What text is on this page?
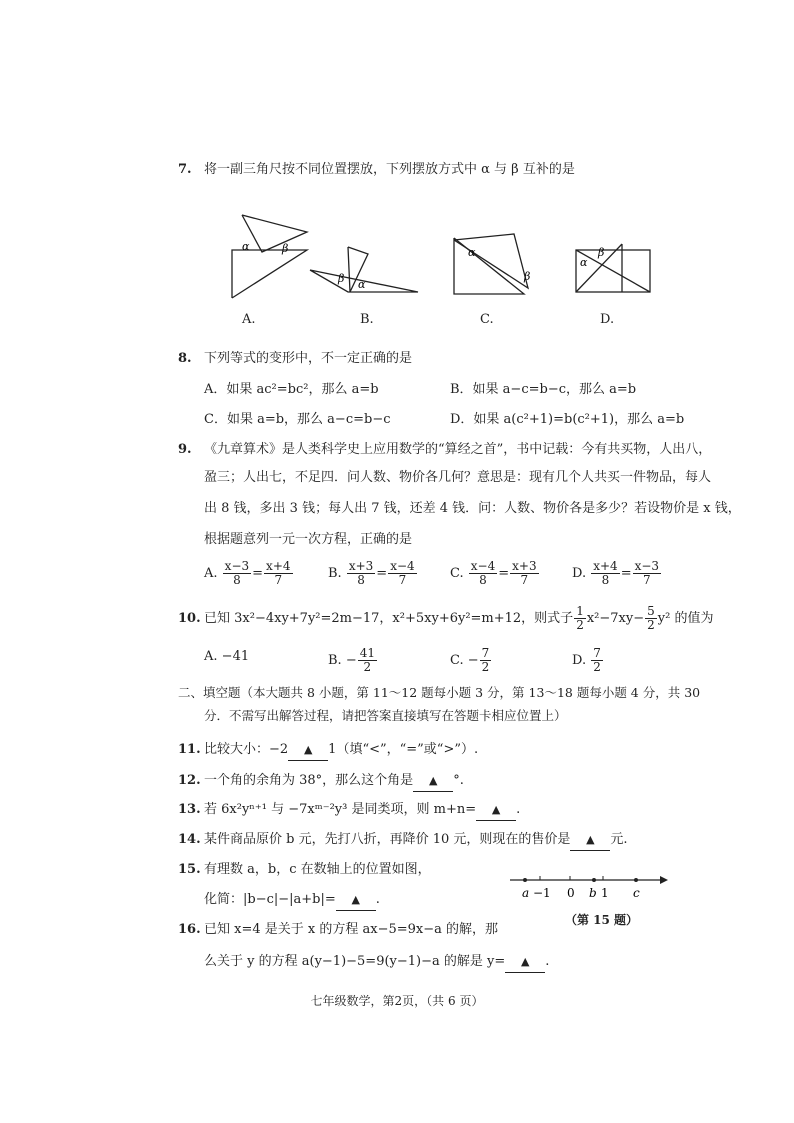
7. 将一副三角尺按不同位置摆放，下列摆放方式中 α 与 β 互补的是
α	β
β α
α
β
β
α
A.	B.	C.	D.
8. 下列等式的变形中，不一定正确的是
A．如果 ac²=bc²，那么 a=b	B．如果 a−c=b−c，那么 a=b
C．如果 a=b，那么 a−c=b−c	D．如果 a(c²+1)=b(c²+1)，那么 a=b
9. 《九章算术》是人类科学史上应用数学的“算经之首”，书中记载：今有共买物，人出八，
盈三；人出七，不足四．问人数、物价各几何？意思是：现有几个人共买一件物品，每人
出 8 钱，多出 3 钱；每人出 7 钱，还差 4 钱．问：人数、物价各是多少？若设物价是 x 钱，
根据题意列一元一次方程，正确的是
A. $\frac{x-3}{8} = \frac{x+4}{7}$	B. $\frac{x+3}{8} = \frac{x-4}{7}$	C. $\frac{x-4}{8} = \frac{x+3}{7}$	D. $\frac{x+4}{8} = \frac{x-3}{7}$
10. 已知 3x²−4xy+7y²=2m−17，x²+5xy+6y²=m+12，则式子 $\frac{1}{2} x^2-7xy- \frac{5}{2} y^2$ 的值为
A. −41	B. − $\frac{41}{2}$	C. − $\frac{7}{2}$	D. $\frac{7}{2}$
二、填空题（本大题共 8 小题，第 11～12 题每小题 3 分，第 13～18 题每小题 4 分，共 30
分．不需写出解答过程，请把答案直接填写在答题卡相应位置上）
11. 比较大小：−2 ▲ 1（填“<”，“=”或“>”）.
12. 一个角的余角为 38°，那么这个角是 ▲ °.
13. 若 6x²yⁿ⁺¹ 与 −7xᵐ⁻²y³ 是同类项，则 m+n= ▲ .
14. 某件商品原价 b 元，先打八折，再降价 10 元，则现在的售价是 ▲ 元.
15. 有理数 a，b，c 在数轴上的位置如图，
化简：|b−c|−|a+b|= ▲ .	a −1 0 b 1 c
（第 15 题）
16. 已知 x=4 是关于 x 的方程 ax−5=9x−a 的解，那
么关于 y 的方程 a(y−1)−5=9(y−1)−a 的解是 y= ▲ .
七年级数学，第2页，（共 6 页）
